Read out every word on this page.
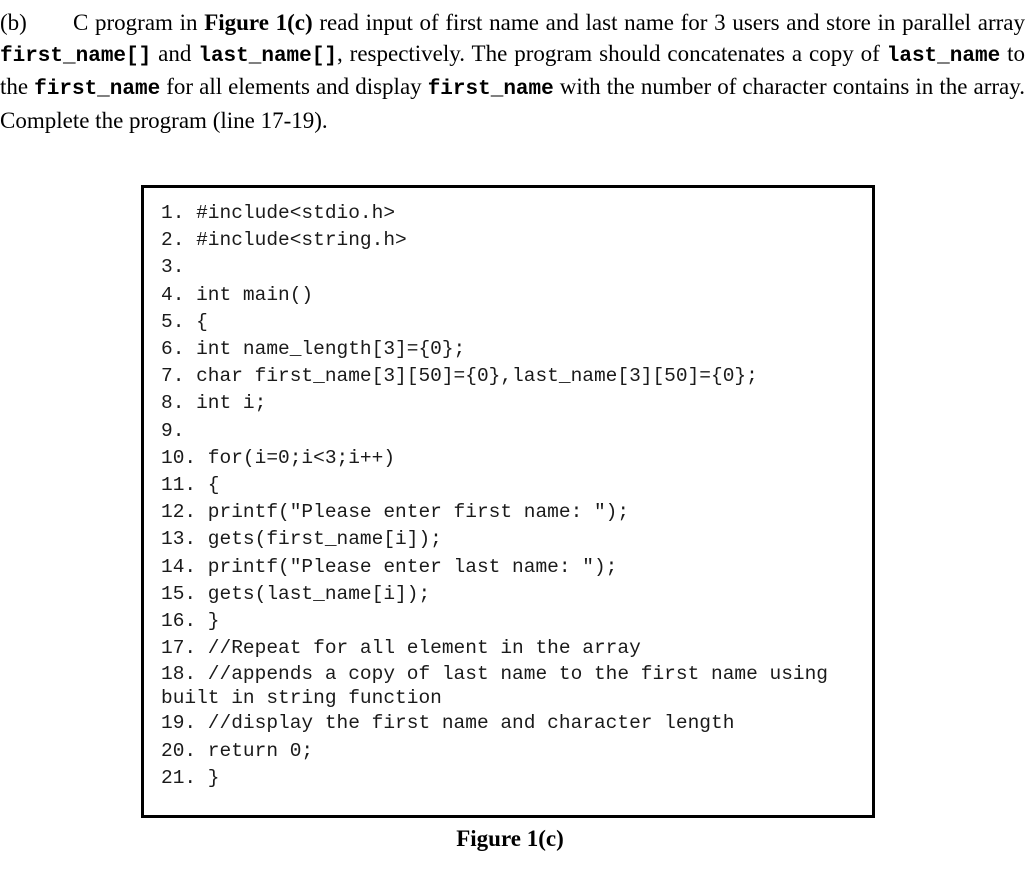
(b) C program in Figure 1(c) read input of first name and last name for 3 users and store in parallel array first_name[] and last_name[], respectively. The program should concatenates a copy of last_name to the first_name for all elements and display first_name with the number of character contains in the array. Complete the program (line 17-19).

1. #include<stdio.h>
2. #include<string.h>
3.
4. int main()
5. {
6. int name_length[3]={0};
7. char first_name[3][50]={0},last_name[3][50]={0};
8. int i;
9.
10. for(i=0;i<3;i++)
11. {
12. printf("Please enter first name: ");
13. gets(first_name[i]);
14. printf("Please enter last name: ");
15. gets(last_name[i]);
16. }
17. //Repeat for all element in the array
18. //appends a copy of last name to the first name using built in string function
19. //display the first name and character length
20. return 0;
21. }
Figure 1(c)
